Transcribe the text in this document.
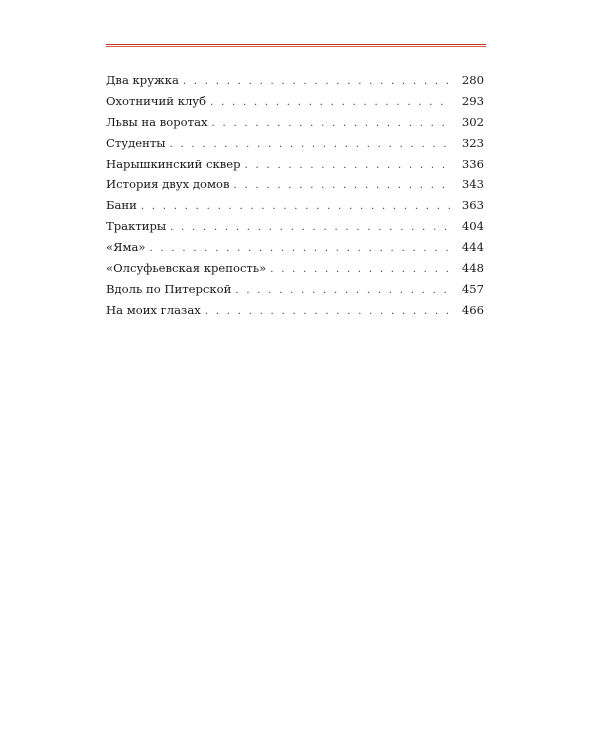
Два кружка . . .	280
Охотничий клуб . . .	293
Львы на воротах . . .	302
Студенты . . .	323
Нарышкинский сквер . . .	336
История двух домов . . .	343
Бани . . .	363
Трактиры . . .	404
«Яма» . . .	444
«Олсуфьевская крепость» . . .	448
Вдоль по Питерской . . .	457
На моих глазах . . .	466
